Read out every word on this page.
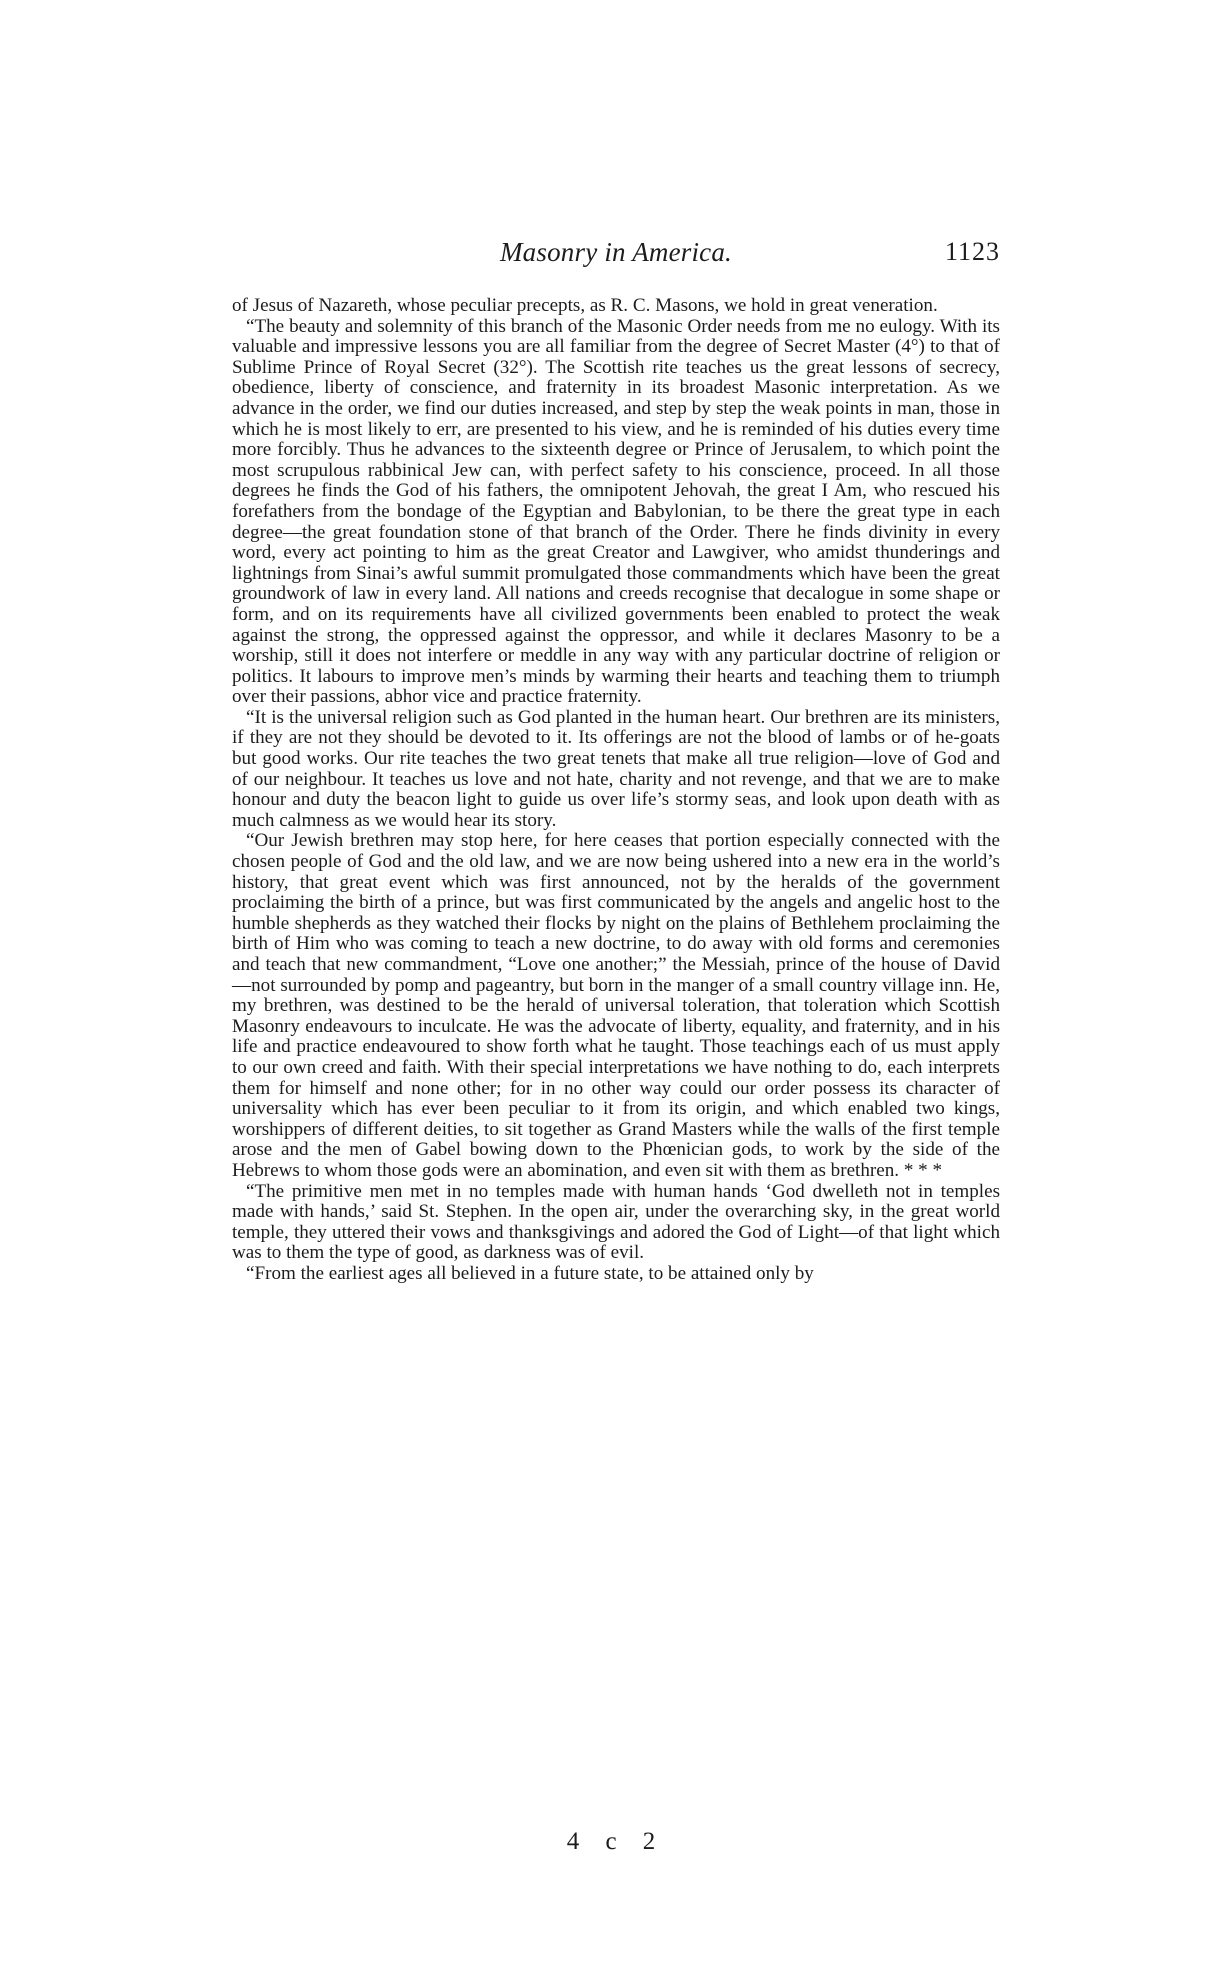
Masonry in America.	1123

of Jesus of Nazareth, whose peculiar precepts, as R. C. Masons, we hold in great veneration.

“The beauty and solemnity of this branch of the Masonic Order needs from me no eulogy. With its valuable and impressive lessons you are all familiar from the degree of Secret Master (4°) to that of Sublime Prince of Royal Secret (32°). The Scottish rite teaches us the great lessons of secrecy, obedience, liberty of conscience, and fraternity in its broadest Masonic interpretation. As we advance in the order, we find our duties increased, and step by step the weak points in man, those in which he is most likely to err, are presented to his view, and he is reminded of his duties every time more forcibly. Thus he advances to the sixteenth degree or Prince of Jerusalem, to which point the most scrupulous rabbinical Jew can, with perfect safety to his conscience, proceed. In all those degrees he finds the God of his fathers, the omnipotent Jehovah, the great I Am, who rescued his forefathers from the bondage of the Egyptian and Babylonian, to be there the great type in each degree—the great foundation stone of that branch of the Order. There he finds divinity in every word, every act pointing to him as the great Creator and Lawgiver, who amidst thunderings and lightnings from Sinai’s awful summit promulgated those commandments which have been the great groundwork of law in every land. All nations and creeds recognise that decalogue in some shape or form, and on its requirements have all civilized governments been enabled to protect the weak against the strong, the oppressed against the oppressor, and while it declares Masonry to be a worship, still it does not interfere or meddle in any way with any particular doctrine of religion or politics. It labours to improve men’s minds by warming their hearts and teaching them to triumph over their passions, abhor vice and practice fraternity.

“It is the universal religion such as God planted in the human heart. Our brethren are its ministers, if they are not they should be devoted to it. Its offerings are not the blood of lambs or of he-goats but good works. Our rite teaches the two great tenets that make all true religion—love of God and of our neighbour. It teaches us love and not hate, charity and not revenge, and that we are to make honour and duty the beacon light to guide us over life’s stormy seas, and look upon death with as much calmness as we would hear its story.

“Our Jewish brethren may stop here, for here ceases that portion especially connected with the chosen people of God and the old law, and we are now being ushered into a new era in the world’s history, that great event which was first announced, not by the heralds of the government proclaiming the birth of a prince, but was first communicated by the angels and angelic host to the humble shepherds as they watched their flocks by night on the plains of Bethlehem proclaiming the birth of Him who was coming to teach a new doctrine, to do away with old forms and ceremonies and teach that new commandment, “Love one another;” the Messiah, prince of the house of David—not surrounded by pomp and pageantry, but born in the manger of a small country village inn. He, my brethren, was destined to be the herald of universal toleration, that toleration which Scottish Masonry endeavours to inculcate. He was the advocate of liberty, equality, and fraternity, and in his life and practice endeavoured to show forth what he taught. Those teachings each of us must apply to our own creed and faith. With their special interpretations we have nothing to do, each interprets them for himself and none other; for in no other way could our order possess its character of universality which has ever been peculiar to it from its origin, and which enabled two kings, worshippers of different deities, to sit together as Grand Masters while the walls of the first temple arose and the men of Gabel bowing down to the Phœnician gods, to work by the side of the Hebrews to whom those gods were an abomination, and even sit with them as brethren. * * *

“The primitive men met in no temples made with human hands ‘God dwelleth not in temples made with hands,’ said St. Stephen. In the open air, under the overarching sky, in the great world temple, they uttered their vows and thanksgivings and adored the God of Light—of that light which was to them the type of good, as darkness was of evil.

“From the earliest ages all believed in a future state, to be attained only by

4 c 2
